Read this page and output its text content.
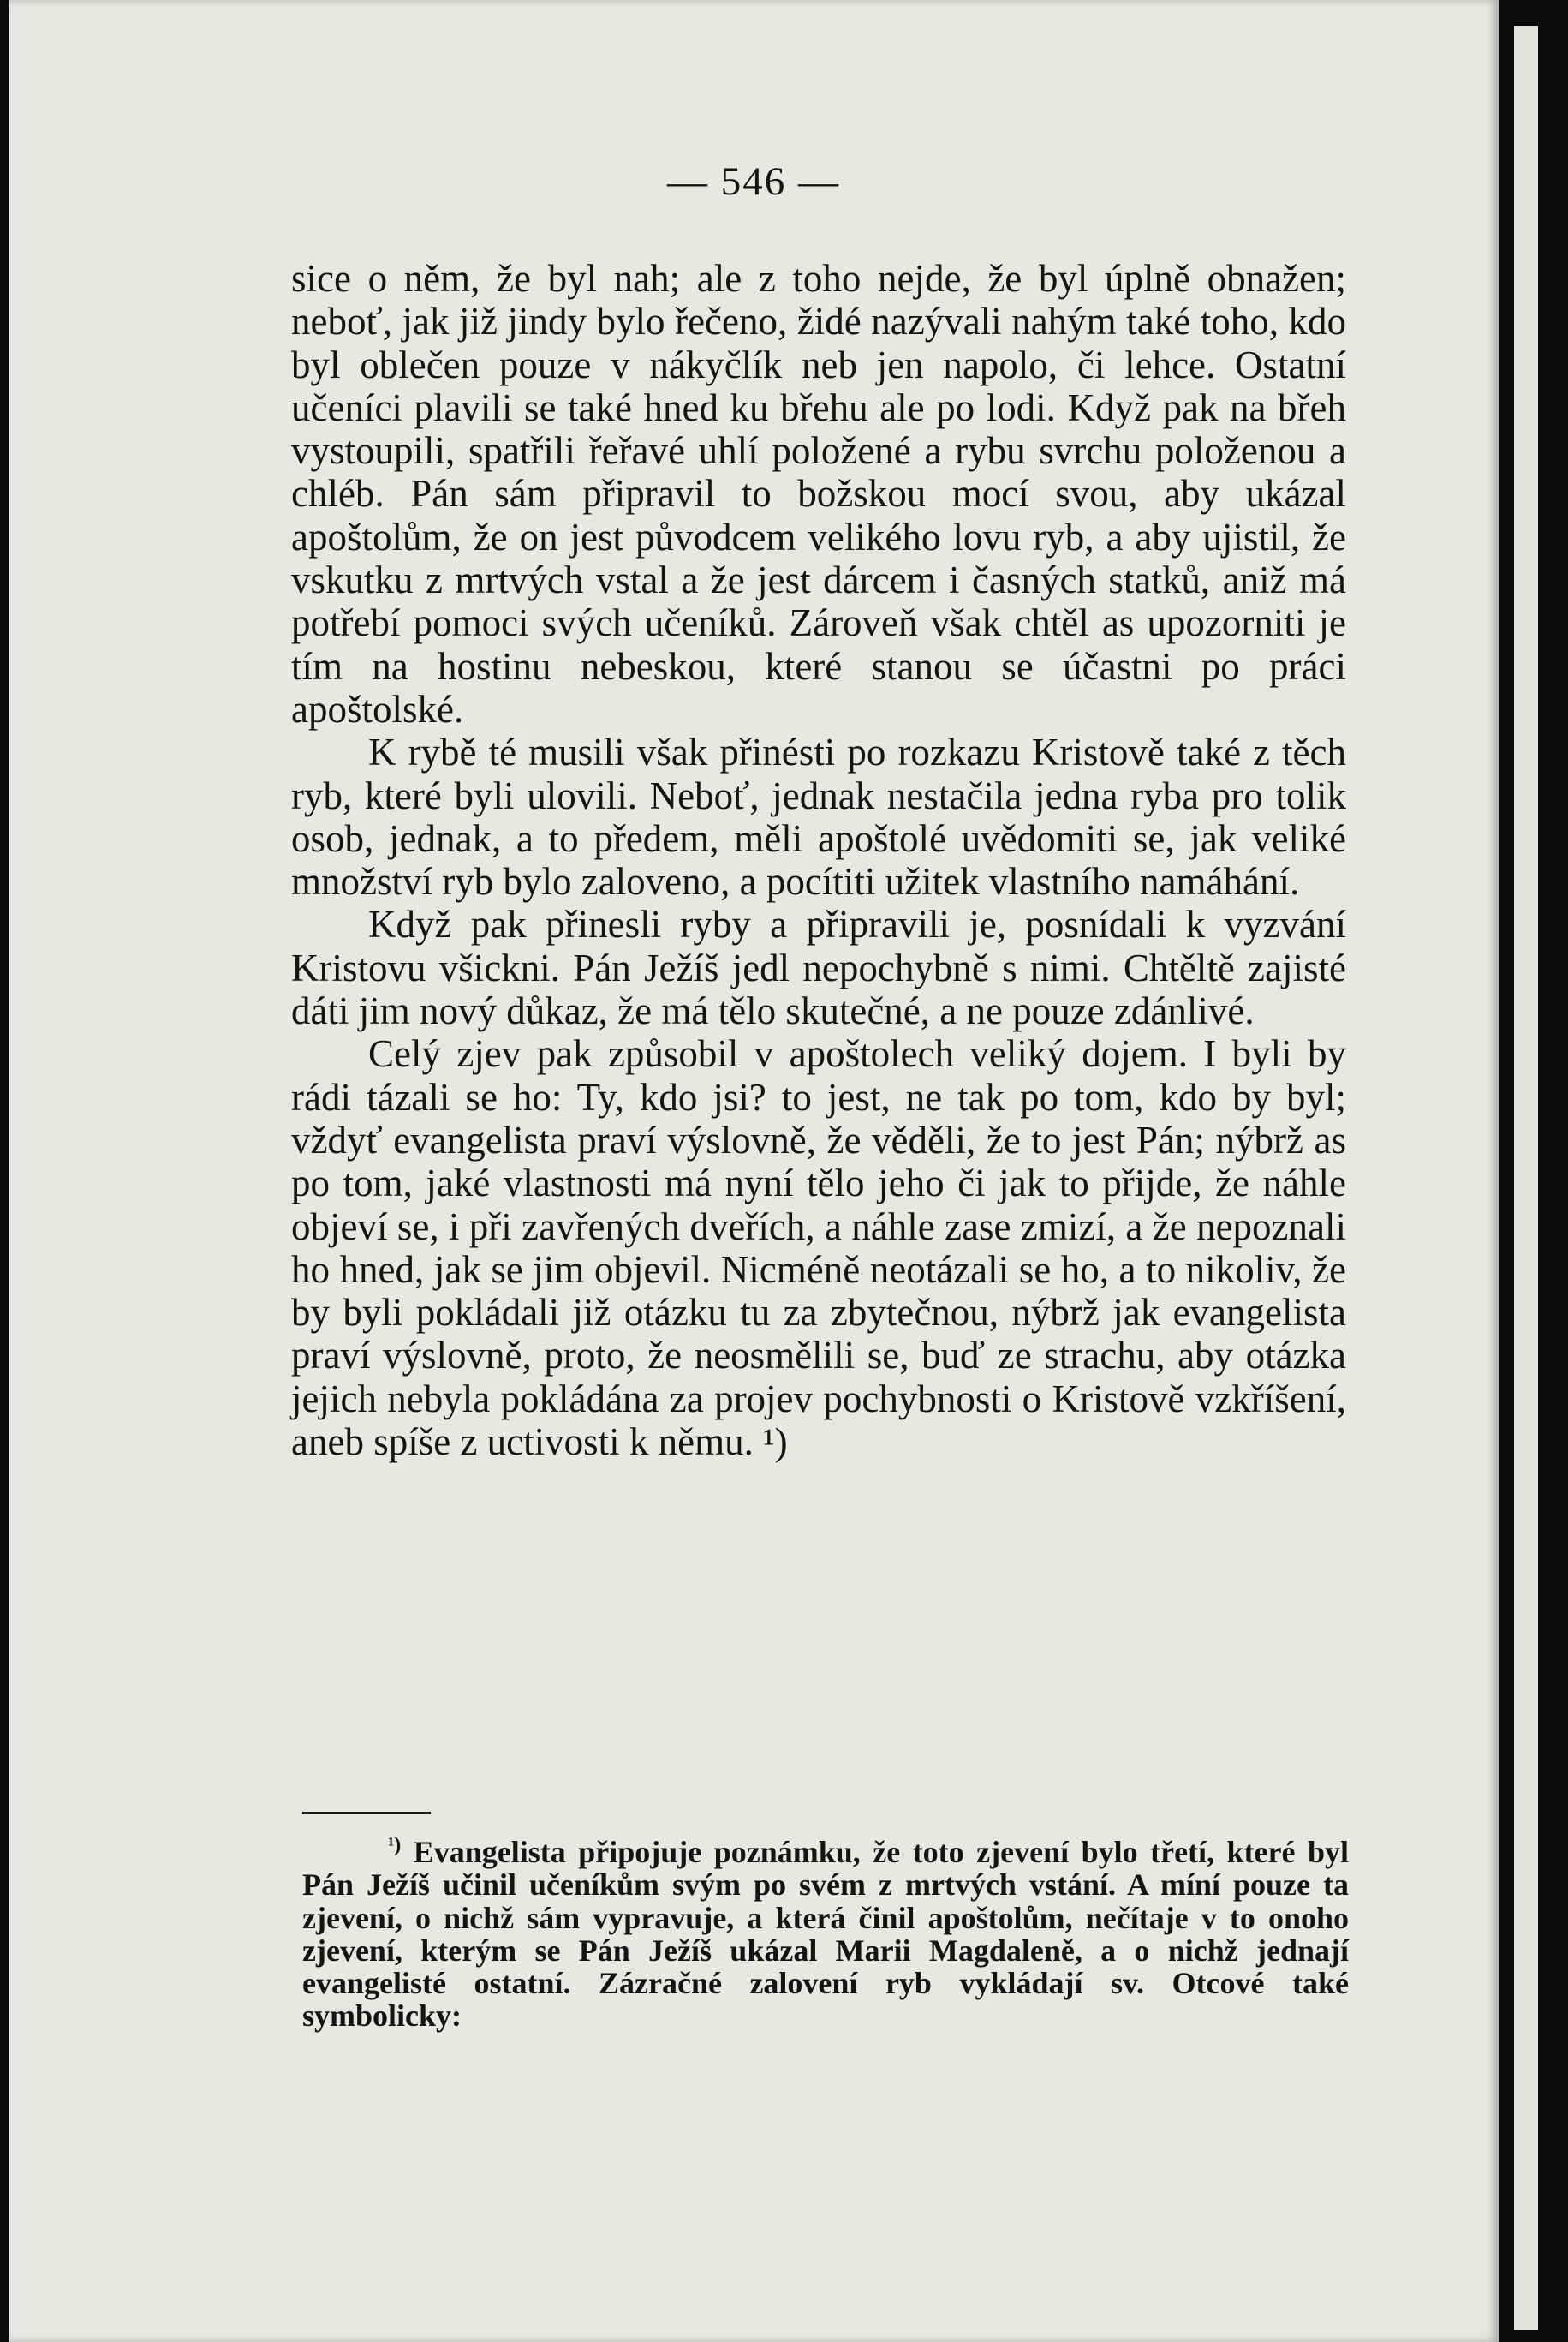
— 546 —

sice o něm, že byl nah; ale z toho nejde, že byl úplně obnažen; neboť, jak již jindy bylo řečeno, židé nazývali nahým také toho, kdo byl oblečen pouze v nákyčlík neb jen napolo, či lehce. Ostatní učeníci plavili se také hned ku břehu ale po lodi. Když pak na břeh vystoupili, spatřili řeřavé uhlí položené a rybu svrchu položenou a chléb. Pán sám připravil to božskou mocí svou, aby ukázal apoštolům, že on jest původcem velikého lovu ryb, a aby ujistil, že vskutku z mrtvých vstal a že jest dárcem i časných statků, aniž má potřebí pomoci svých učeníků. Zároveň však chtěl as upozorniti je tím na hostinu nebeskou, které stanou se účastni po práci apoštolské.

K rybě té musili však přinésti po rozkazu Kristově také z těch ryb, které byli ulovili. Neboť, jednak nestačila jedna ryba pro tolik osob, jednak, a to předem, měli apoštolé uvědomiti se, jak veliké množství ryb bylo zaloveno, a pocítiti užitek vlastního namáhání.

Když pak přinesli ryby a připravili je, posnídali k vyzvání Kristovu všickni. Pán Ježíš jedl nepochybně s nimi. Chtěltě zajisté dáti jim nový důkaz, že má tělo skutečné, a ne pouze zdánlivé.

Celý zjev pak způsobil v apoštolech veliký dojem. I byli by rádi tázali se ho: Ty, kdo jsi? to jest, ne tak po tom, kdo by byl; vždyť evangelista praví výslovně, že věděli, že to jest Pán; nýbrž as po tom, jaké vlastnosti má nyní tělo jeho či jak to přijde, že náhle objeví se, i při zavřených dveřích, a náhle zase zmizí, a že nepoznali ho hned, jak se jim objevil. Nicméně neotázali se ho, a to nikoliv, že by byli pokládali již otázku tu za zbytečnou, nýbrž jak evangelista praví výslovně, proto, že neosmělili se, buď ze strachu, aby otázka jejich nebyla pokládána za projev pochybnosti o Kristově vzkříšení, aneb spíše z uctivosti k němu. ¹)

$^{^1)}$ Evangelista připojuje poznámku, že toto zjevení bylo třetí, které byl Pán Ježíš učinil učeníkům svým po svém z mrtvých vstání. A míní pouze ta zjevení, o nichž sám vypravuje, a která činil apoštolům, nečítaje v to onoho zjevení, kterým se Pán Ježíš ukázal Marii Magdaleně, a o nichž jednají evangelisté ostatní. Zázračné zalovení ryb vykládají sv. Otcové také symbolicky:
